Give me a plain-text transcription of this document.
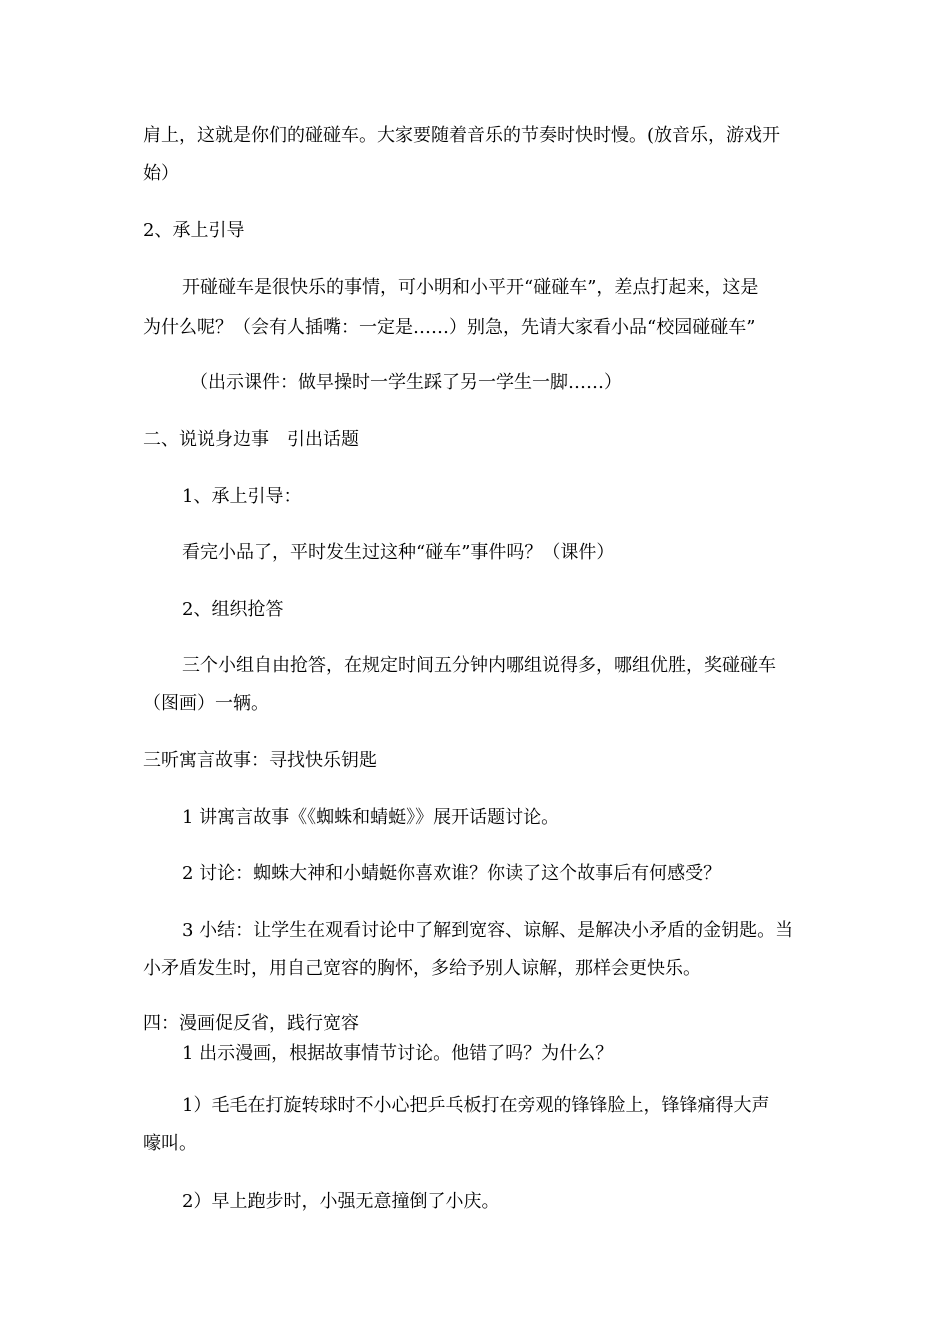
肩上，这就是你们的碰碰车。大家要随着音乐的节奏时快时慢。(放音乐，游戏开
始）
2、承上引导
开碰碰车是很快乐的事情，可小明和小平开“碰碰车”，差点打起来，这是
为什么呢？（会有人插嘴：一定是……）别急，先请大家看小品“校园碰碰车”
（出示课件：做早操时一学生踩了另一学生一脚……）
二、说说身边事　引出话题
1、承上引导：
看完小品了，平时发生过这种“碰车”事件吗？（课件）
2、组织抢答
三个小组自由抢答，在规定时间五分钟内哪组说得多，哪组优胜，奖碰碰车
（图画）一辆。
三听寓言故事：寻找快乐钥匙
1 讲寓言故事《《蜘蛛和蜻蜓》》展开话题讨论。
2 讨论：蜘蛛大神和小蜻蜓你喜欢谁？你读了这个故事后有何感受？
3 小结：让学生在观看讨论中了解到宽容、谅解、是解决小矛盾的金钥匙。当
小矛盾发生时，用自己宽容的胸怀，多给予别人谅解，那样会更快乐。
四：漫画促反省，践行宽容
1 出示漫画，根据故事情节讨论。他错了吗？为什么？
1）毛毛在打旋转球时不小心把乒乓板打在旁观的锋锋脸上，锋锋痛得大声
嚎叫。
2）早上跑步时，小强无意撞倒了小庆。
